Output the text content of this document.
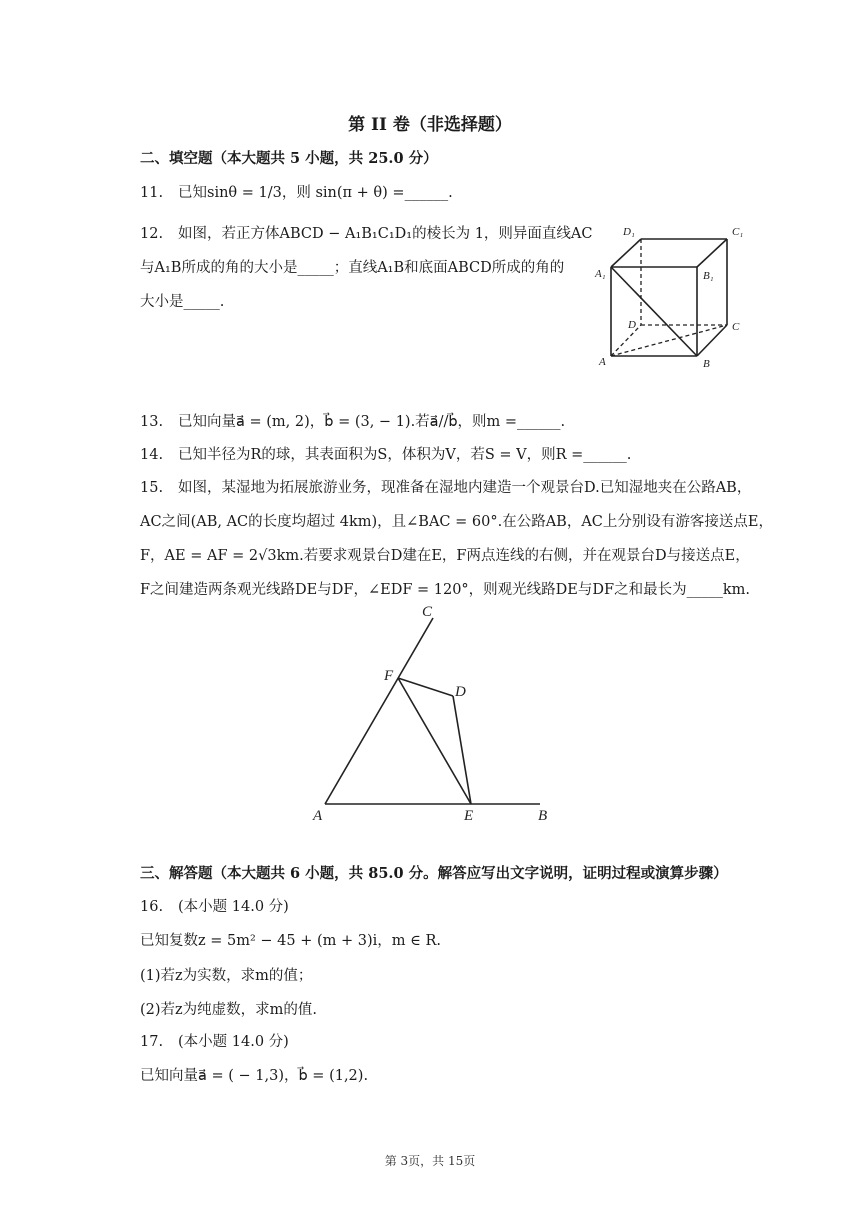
第 II 卷（非选择题）
二、填空题（本大题共 5 小题，共 25.0 分）
11. 已知sinθ = 1/3，则 sin(π + θ) =______.
12. 如图，若正方体ABCD − A₁B₁C₁D₁的棱长为 1，则异面直线AC
与A₁B所成的角的大小是_____；直线A₁B和底面ABCD所成的角的
大小是_____.
D₁	C₁
A₁	B₁
D	C
A	B
13. 已知向量a⃗ = (m, 2)，b⃗ = (3, − 1).若a⃗//b⃗，则m =______.
14. 已知半径为R的球，其表面积为S，体积为V，若S = V，则R =______.
15. 如图，某湿地为拓展旅游业务，现准备在湿地内建造一个观景台D.已知湿地夹在公路AB，
AC之间(AB, AC的长度均超过 4km)，且∠BAC = 60°.在公路AB，AC上分别设有游客接送点E，
F，AE = AF = 2√3km.若要求观景台D建在E，F两点连线的右侧，并在观景台D与接送点E，
F之间建造两条观光线路DE与DF，∠EDF = 120°，则观光线路DE与DF之和最长为_____km.
C
F
D
A	E	B
三、解答题（本大题共 6 小题，共 85.0 分。解答应写出文字说明，证明过程或演算步骤）
16. (本小题 14.0 分)
已知复数z = 5m² − 45 + (m + 3)i，m ∈ R.
(1)若z为实数，求m的值；
(2)若z为纯虚数，求m的值.
17. (本小题 14.0 分)
已知向量a⃗ = ( − 1,3)，b⃗ = (1,2).
第 3页，共 15页
